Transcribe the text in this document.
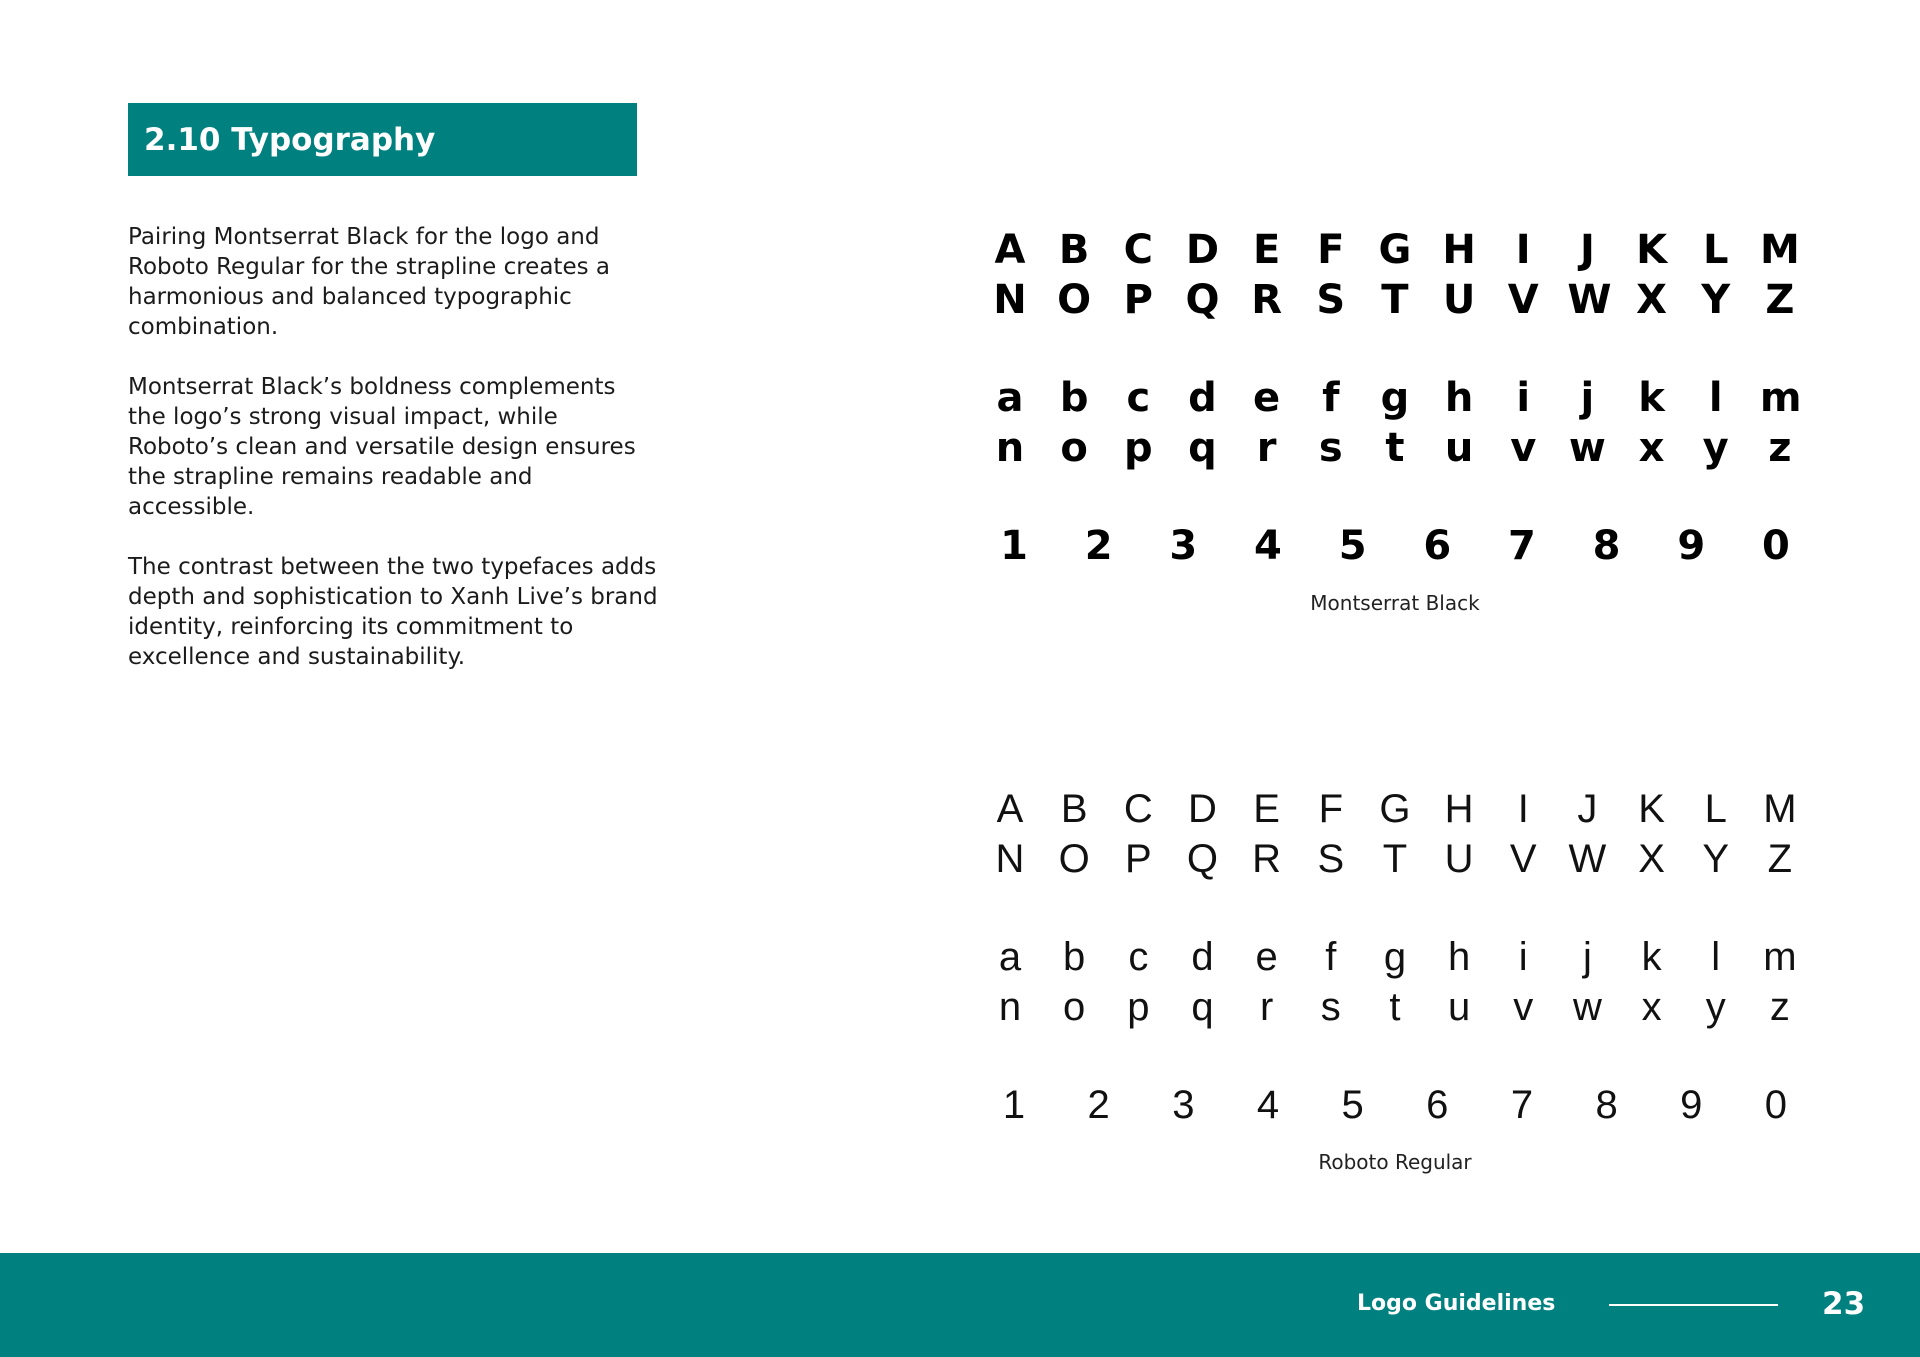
2.10 Typography

Pairing Montserrat Black for the logo and Roboto Regular for the strapline creates a harmonious and balanced typographic combination.

Montserrat Black’s boldness complements the logo’s strong visual impact, while Roboto’s clean and versatile design ensures the strapline remains readable and accessible.

The contrast between the two typefaces adds depth and sophistication to Xanh Live’s brand identity, reinforcing its commitment to excellence and sustainability.

A B C D E F G H I	J	K L M
N O P Q R S T U V W X Y Z
a b c d e f g h	i	j	k	l m
n o p q r s t u v w x y z
1 2 3 4 5 6 7 8 9 0
Montserrat Black
A B C D E F G H	I	J K L M
N O P Q R S T U V W X Y Z
a b c d e	f	g h	i	j	k	l	m
n o p q	r	s	t	u v w x y z
1	2	3	4	5	6	7	8	9	0
Roboto Regular
Logo Guidelines	23
